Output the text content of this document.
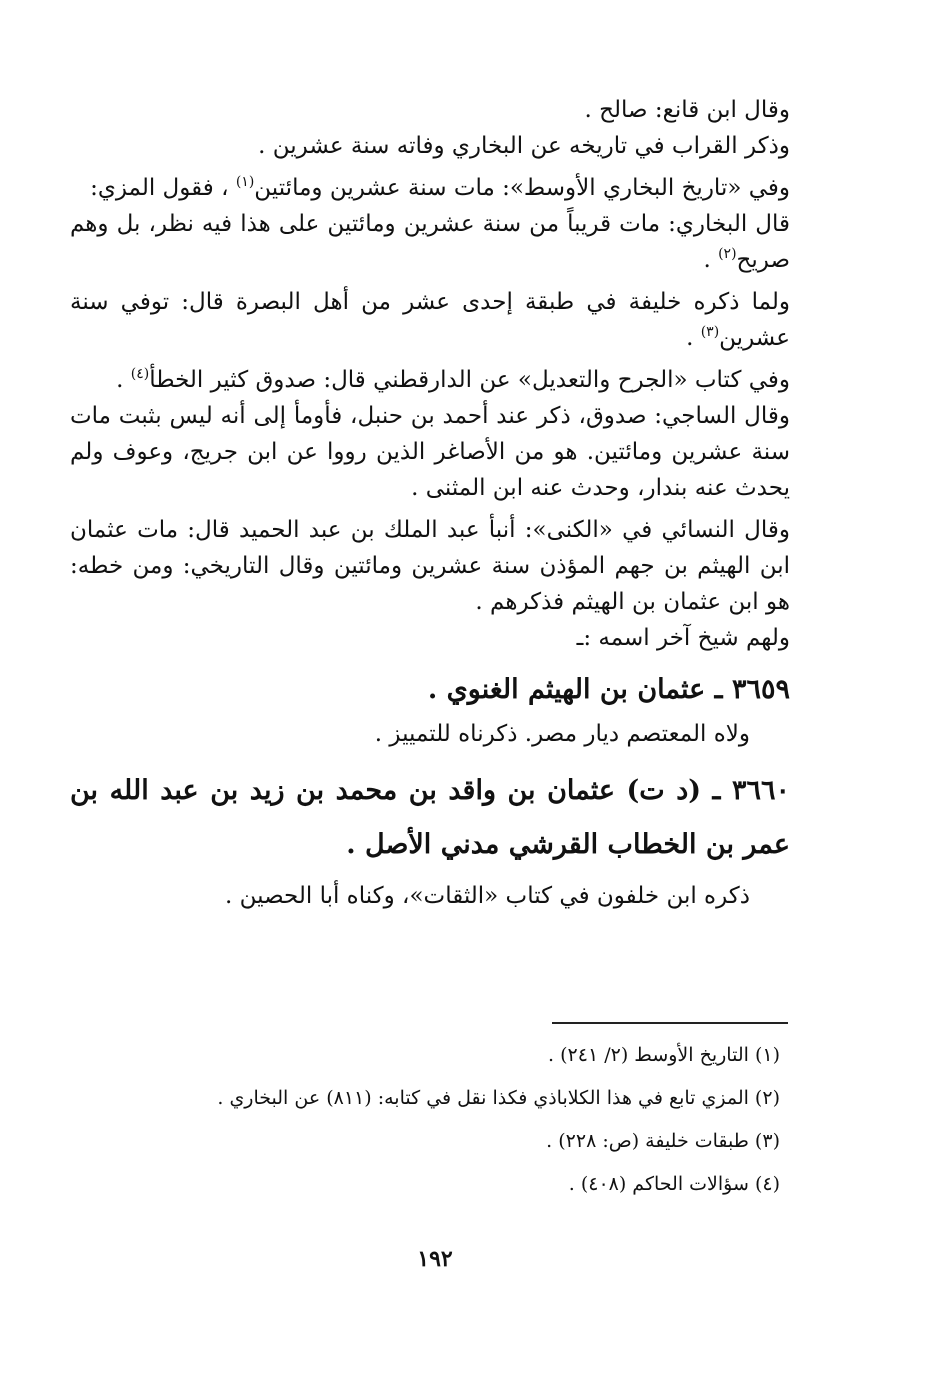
وقال ابن قانع: صالح .

وذكر القراب في تاريخه عن البخاري وفاته سنة عشرين .

وفي «تاريخ البخاري الأوسط»: مات سنة عشرين ومائتين$^{(١)}$ ، فقول المزي:

قال البخاري: مات قريباً من سنة عشرين ومائتين على هذا فيه نظر، بل وهم صريح$^{(٢)}$ .

ولما ذكره خليفة في طبقة إحدى عشر من أهل البصرة قال: توفي سنة عشرين$^{(٣)}$ .

وفي كتاب «الجرح والتعديل» عن الدارقطني قال: صدوق كثير الخطأ$^{(٤)}$ .

وقال الساجي: صدوق، ذكر عند أحمد بن حنبل، فأومأ إلى أنه ليس بثبت مات سنة عشرين ومائتين. هو من الأصاغر الذين رووا عن ابن جريج، وعوف ولم يحدث عنه بندار، وحدث عنه ابن المثنى .

وقال النسائي في «الكنى»: أنبأ عبد الملك بن عبد الحميد قال: مات عثمان ابن الهيثم بن جهم المؤذن سنة عشرين ومائتين وقال التاريخي: ومن خطه: هو ابن عثمان بن الهيثم فذكرهم .

ولهم شيخ آخر اسمه :ـ

٣٦٥٩ ـ عثمان بن الهيثم الغنوي .

ولاه المعتصم ديار مصر. ذكرناه للتمييز .

٣٦٦٠ ـ (د ت) عثمان بن واقد بن محمد بن زيد بن عبد الله بن عمر بن الخطاب القرشي مدني الأصل .

ذكره ابن خلفون في كتاب «الثقات»، وكناه أبا الحصين .

(١) التاريخ الأوسط (٢/ ٢٤١) .

(٢) المزي تابع في هذا الكلاباذي فكذا نقل في كتابه: (٨١١) عن البخاري .

(٣) طبقات خليفة (ص: ٢٢٨) .

(٤) سؤالات الحاكم (٤٠٨) .

١٩٢
